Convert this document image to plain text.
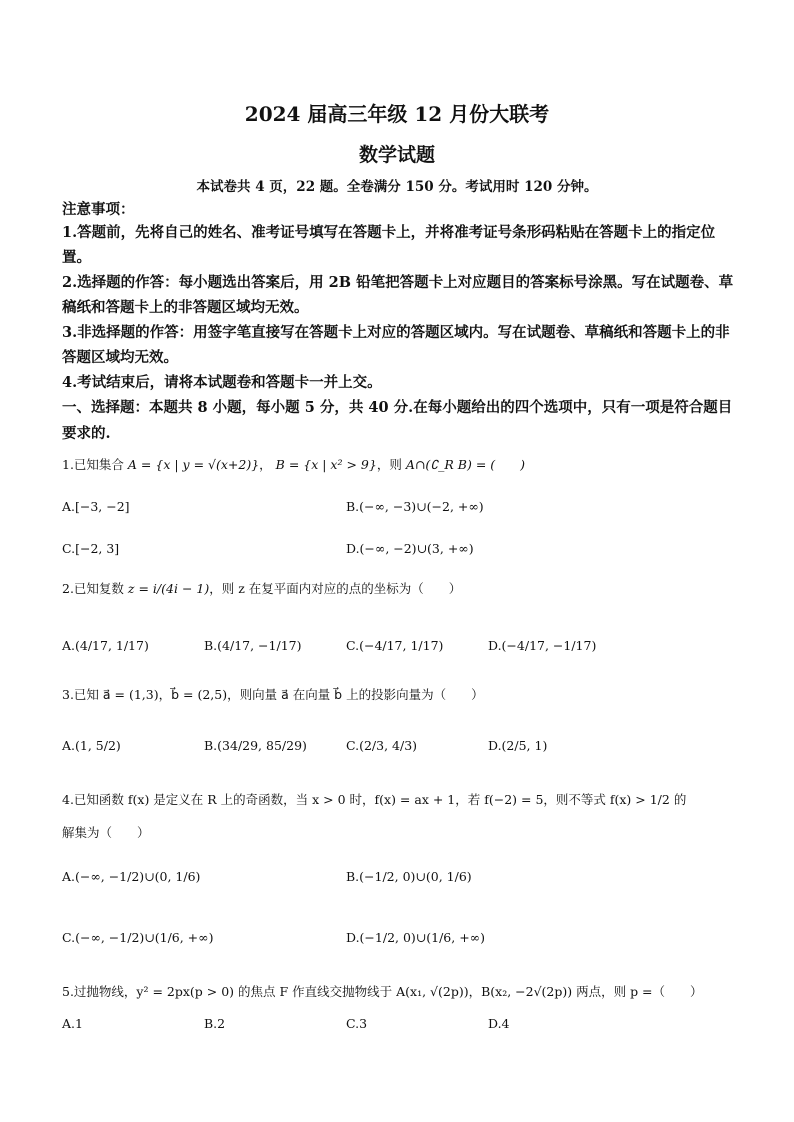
2024 届高三年级 12 月份大联考
数学试题
本试卷共 4 页，22 题。全卷满分 150 分。考试用时 120 分钟。
注意事项：
1.答题前，先将自己的姓名、准考证号填写在答题卡上，并将准考证号条形码粘贴在答题卡上的指定位置。
2.选择题的作答：每小题选出答案后，用 2B 铅笔把答题卡上对应题目的答案标号涂黑。写在试题卷、草稿纸和答题卡上的非答题区域均无效。
3.非选择题的作答：用签字笔直接写在答题卡上对应的答题区域内。写在试题卷、草稿纸和答题卡上的非答题区域均无效。
4.考试结束后，请将本试题卷和答题卡一并上交。
一、选择题：本题共 8 小题，每小题 5 分，共 40 分.在每小题给出的四个选项中，只有一项是符合题目要求的.
1.已知集合 A = {x | y = √(x+2)}， B = {x | x² > 9}，则 A∩(∁_R B) = (　　)
A.[−3, −2]	B.(−∞, −3)∪(−2, +∞)
C.[−2, 3]	D.(−∞, −2)∪(3, +∞)
2.已知复数 z = i/(4i − 1)，则 z 在复平面内对应的点的坐标为（　　）
A.(4/17, 1/17)	B.(4/17, −1/17)	C.(−4/17, 1/17)	D.(−4/17, −1/17)
3.已知 a⃗ = (1,3)，b⃗ = (2,5)，则向量 a⃗ 在向量 b⃗ 上的投影向量为（　　）
A.(1, 5/2)	B.(34/29, 85/29)	C.(2/3, 4/3)	D.(2/5, 1)
4.已知函数 f(x) 是定义在 R 上的奇函数，当 x > 0 时，f(x) = ax + 1，若 f(−2) = 5，则不等式 f(x) > 1/2 的
解集为（　　）
A.(−∞, −1/2)∪(0, 1/6)	B.(−1/2, 0)∪(0, 1/6)
C.(−∞, −1/2)∪(1/6, +∞)	D.(−1/2, 0)∪(1/6, +∞)
5.过抛物线，y² = 2px(p > 0) 的焦点 F 作直线交抛物线于 A(x₁, √(2p))，B(x₂, −2√(2p)) 两点，则 p =（　　）
A.1	B.2	C.3	D.4
